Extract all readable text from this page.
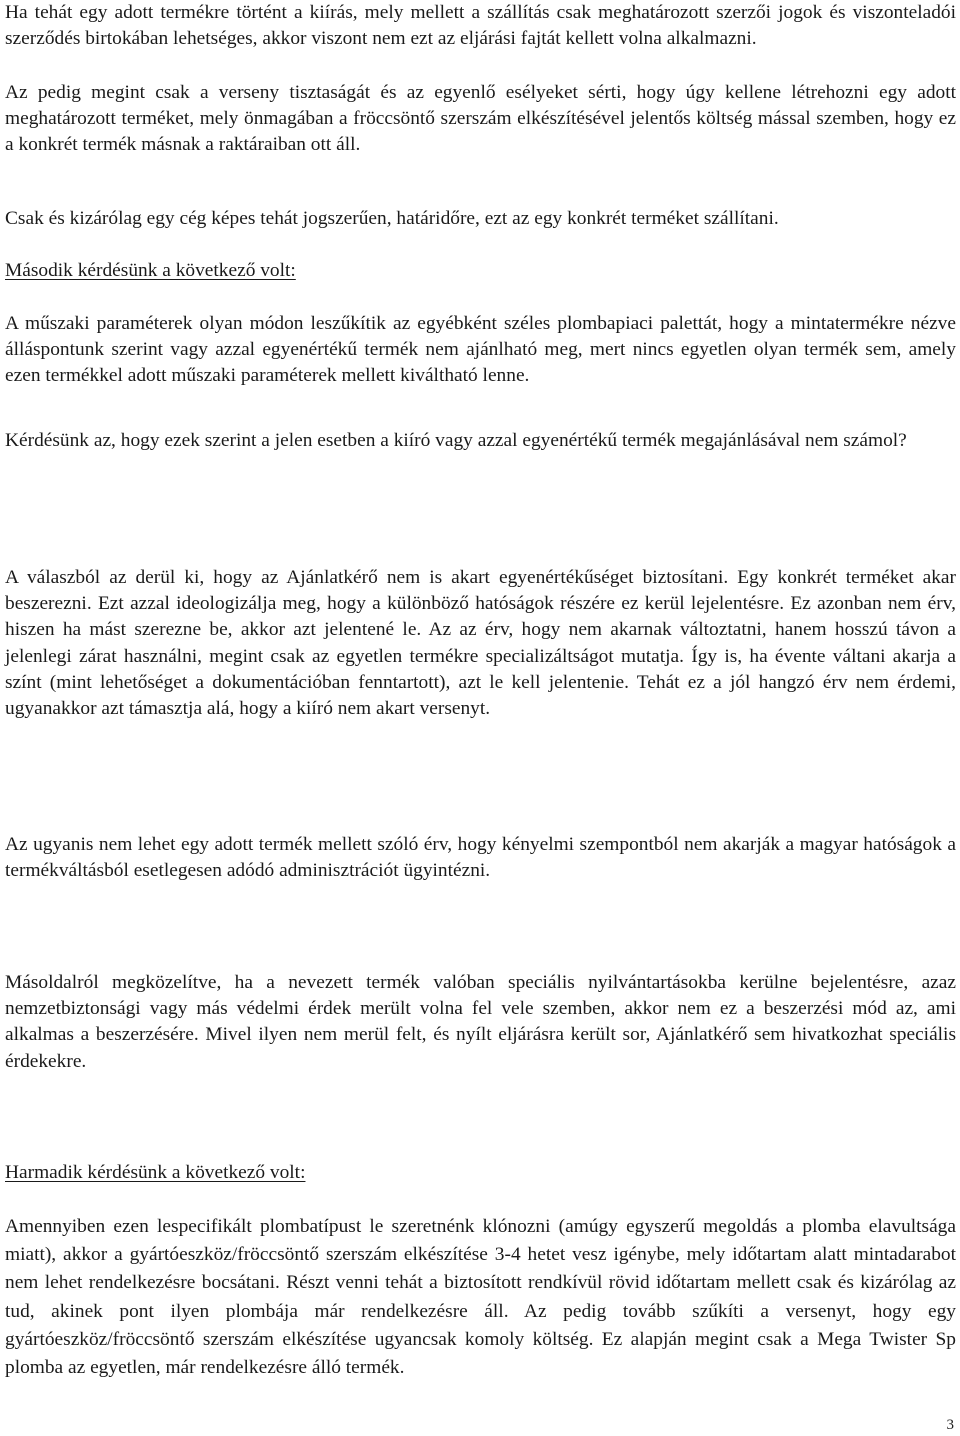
Ha tehát egy adott termékre történt a kiírás, mely mellett a szállítás csak meghatározott szerzői jogok és viszonteladói szerződés birtokában lehetséges, akkor viszont nem ezt az eljárási fajtát kellett volna alkalmazni.

Az pedig megint csak a verseny tisztaságát és az egyenlő esélyeket sérti, hogy úgy kellene létrehozni egy adott meghatározott terméket, mely önmagában a fröccsöntő szerszám elkészítésével jelentős költség mással szemben, hogy ez a konkrét termék másnak a raktáraiban ott áll.

Csak és kizárólag egy cég képes tehát jogszerűen, határidőre, ezt az egy konkrét terméket szállítani.

Második kérdésünk a következő volt:

A műszaki paraméterek olyan módon leszűkítik az egyébként széles plombapiaci palettát, hogy a mintatermékre nézve álláspontunk szerint vagy azzal egyenértékű termék nem ajánlható meg, mert nincs egyetlen olyan termék sem, amely ezen termékkel adott műszaki paraméterek mellett kiváltható lenne.

Kérdésünk az, hogy ezek szerint a jelen esetben a kiíró vagy azzal egyenértékű termék megajánlásával nem számol?

A válaszból az derül ki, hogy az Ajánlatkérő nem is akart egyenértékűséget biztosítani. Egy konkrét terméket akar beszerezni. Ezt azzal ideologizálja meg, hogy a különböző hatóságok részére ez kerül lejelentésre. Ez azonban nem érv, hiszen ha mást szerezne be, akkor azt jelentené le. Az az érv, hogy nem akarnak változtatni, hanem hosszú távon a jelenlegi zárat használni, megint csak az egyetlen termékre specializáltságot mutatja. Így is, ha évente váltani akarja a színt (mint lehetőséget a dokumentációban fenntartott), azt le kell jelentenie. Tehát ez a jól hangzó érv nem érdemi, ugyanakkor azt támasztja alá, hogy a kiíró nem akart versenyt.

Az ugyanis nem lehet egy adott termék mellett szóló érv, hogy kényelmi szempontból nem akarják a magyar hatóságok a termékváltásból esetlegesen adódó adminisztrációt ügyintézni.

Másoldalról megközelítve, ha a nevezett termék valóban speciális nyilvántartásokba kerülne bejelentésre, azaz nemzetbiztonsági vagy más védelmi érdek merült volna fel vele szemben, akkor nem ez a beszerzési mód az, ami alkalmas a beszerzésére. Mivel ilyen nem merül felt, és nyílt eljárásra került sor, Ajánlatkérő sem hivatkozhat speciális érdekekre.

Harmadik kérdésünk a következő volt:

Amennyiben ezen lespecifikált plombatípust le szeretnénk klónozni (amúgy egyszerű megoldás a plomba elavultsága miatt), akkor a gyártóeszköz/fröccsöntő szerszám elkészítése 3-4 hetet vesz igénybe, mely időtartam alatt mintadarabot nem lehet rendelkezésre bocsátani. Részt venni tehát a biztosított rendkívül rövid időtartam mellett csak és kizárólag az tud, akinek pont ilyen plombája már rendelkezésre áll. Az pedig tovább szűkíti a versenyt, hogy egy gyártóeszköz/fröccsöntő szerszám elkészítése ugyancsak komoly költség. Ez alapján megint csak a Mega Twister Sp plomba az egyetlen, már rendelkezésre álló termék.

3
